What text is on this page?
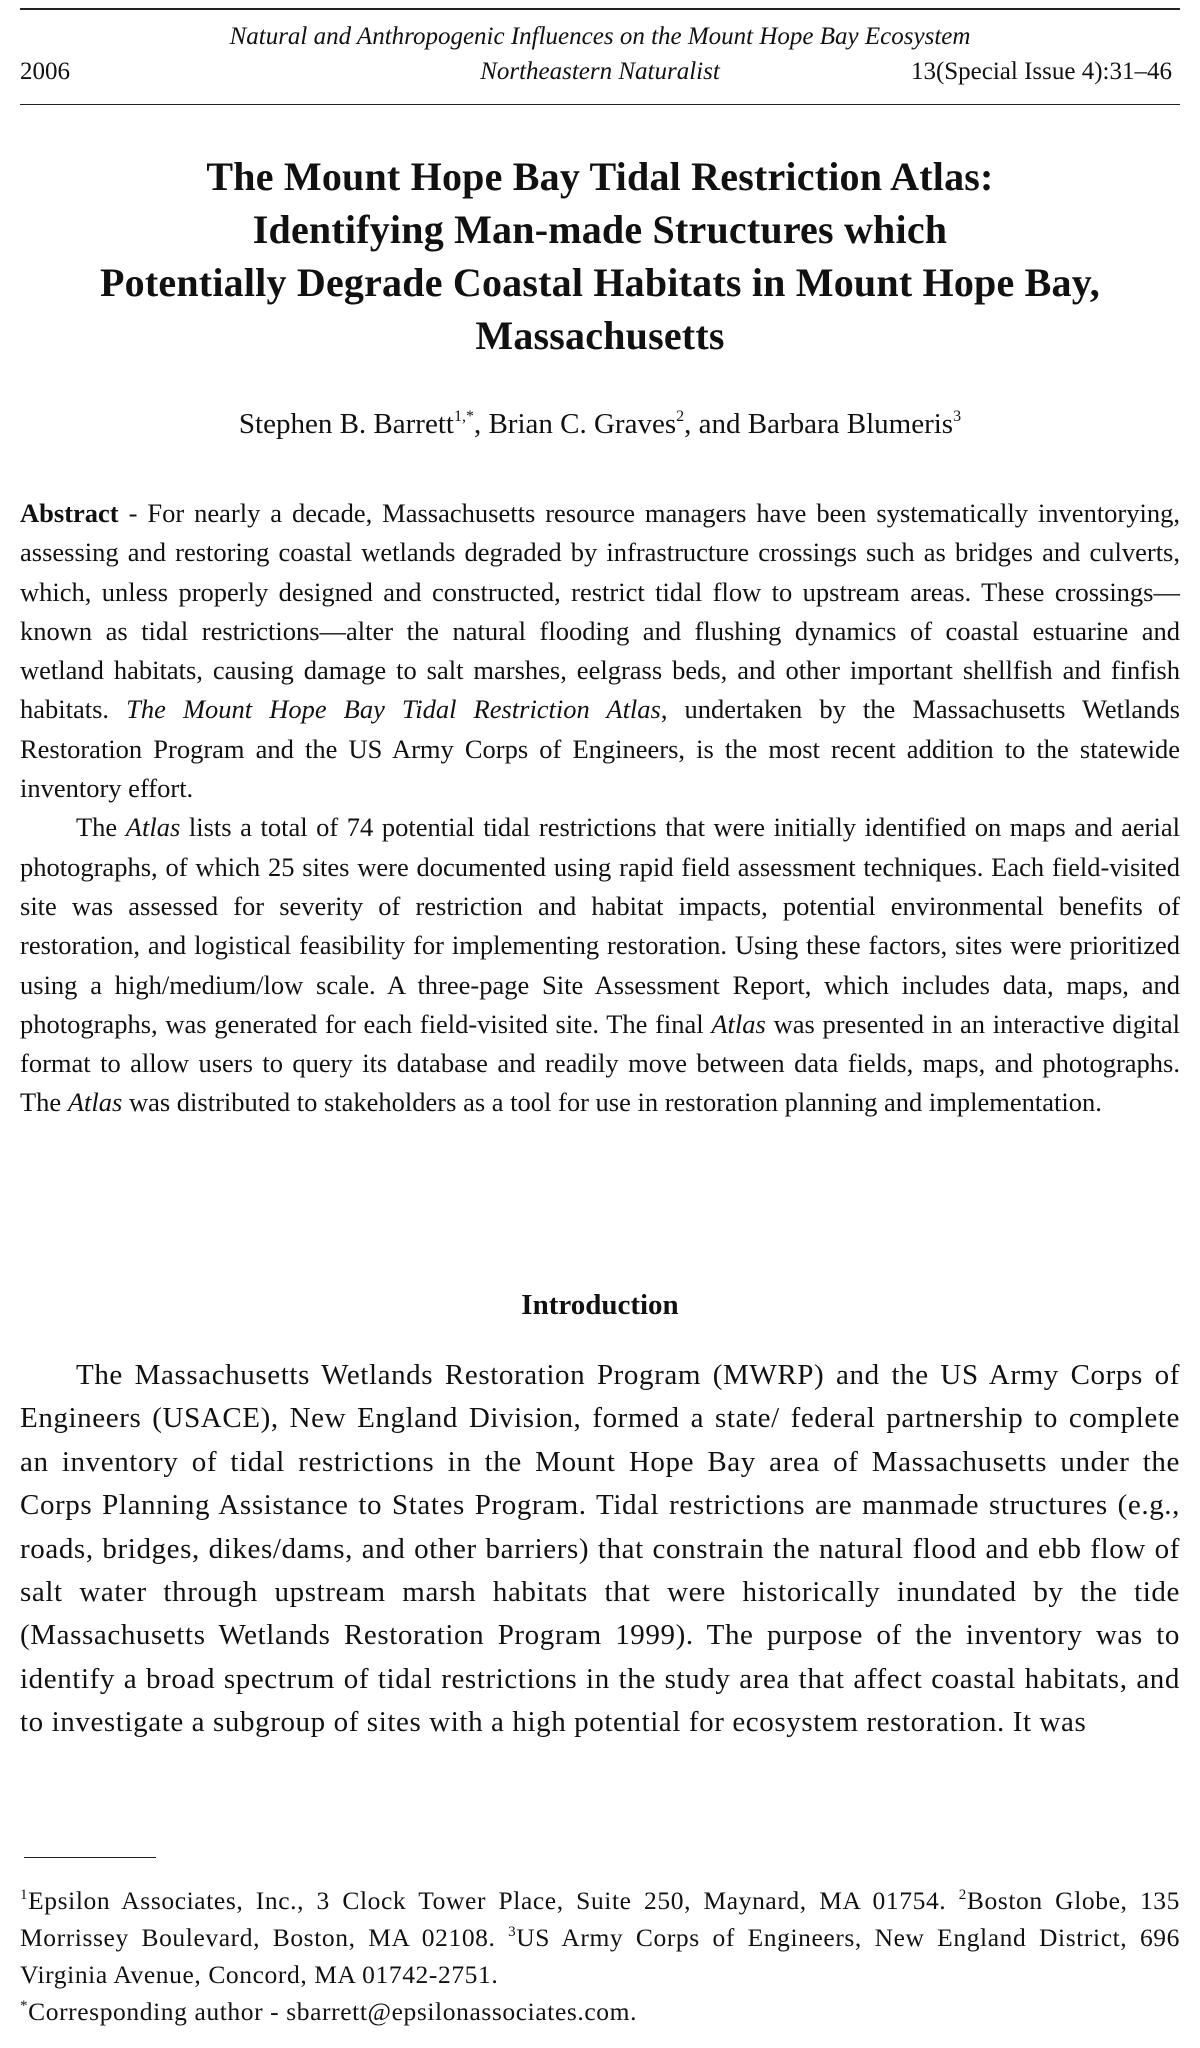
Natural and Anthropogenic Influences on the Mount Hope Bay Ecosystem
2006	Northeastern Naturalist	13(Special Issue 4):31–46
The Mount Hope Bay Tidal Restriction Atlas:
Identifying Man-made Structures which
Potentially Degrade Coastal Habitats in Mount Hope Bay,
Massachusetts
Stephen B. Barrett$^{1,*}$, Brian C. Graves$^2$, and Barbara Blumeris$^3$

Abstract - For nearly a decade, Massachusetts resource managers have been systematically inventorying, assessing and restoring coastal wetlands degraded by infrastructure crossings such as bridges and culverts, which, unless properly designed and constructed, restrict tidal flow to upstream areas. These crossings—known as tidal restrictions—alter the natural flooding and flushing dynamics of coastal estuarine and wetland habitats, causing damage to salt marshes, eelgrass beds, and other important shellfish and finfish habitats. The Mount Hope Bay Tidal Restriction Atlas, undertaken by the Massachusetts Wetlands Restoration Program and the US Army Corps of Engineers, is the most recent addition to the statewide inventory effort.

The Atlas lists a total of 74 potential tidal restrictions that were initially identified on maps and aerial photographs, of which 25 sites were documented using rapid field assessment techniques. Each field-visited site was assessed for severity of restriction and habitat impacts, potential environmental benefits of restoration, and logistical feasibility for implementing restoration. Using these factors, sites were prioritized using a high/medium/low scale. A three-page Site Assessment Report, which includes data, maps, and photographs, was generated for each field-visited site. The final Atlas was presented in an interactive digital format to allow users to query its database and readily move between data fields, maps, and photographs. The Atlas was distributed to stakeholders as a tool for use in restoration planning and implementation.

Introduction

The Massachusetts Wetlands Restoration Program (MWRP) and the US Army Corps of Engineers (USACE), New England Division, formed a state/ federal partnership to complete an inventory of tidal restrictions in the Mount Hope Bay area of Massachusetts under the Corps Planning Assistance to States Program. Tidal restrictions are manmade structures (e.g., roads, bridges, dikes/dams, and other barriers) that constrain the natural flood and ebb flow of salt water through upstream marsh habitats that were historically inundated by the tide (Massachusetts Wetlands Restoration Program 1999). The purpose of the inventory was to identify a broad spectrum of tidal restrictions in the study area that affect coastal habitats, and to investigate a subgroup of sites with a high potential for ecosystem restoration. It was

$^1$Epsilon Associates, Inc., 3 Clock Tower Place, Suite 250, Maynard, MA 01754. $^2$Boston Globe, 135 Morrissey Boulevard, Boston, MA 02108. $^3$US Army Corps of Engineers, New England District, 696 Virginia Avenue, Concord, MA 01742-2751.

*Corresponding author - sbarrett@epsilonassociates.com.
